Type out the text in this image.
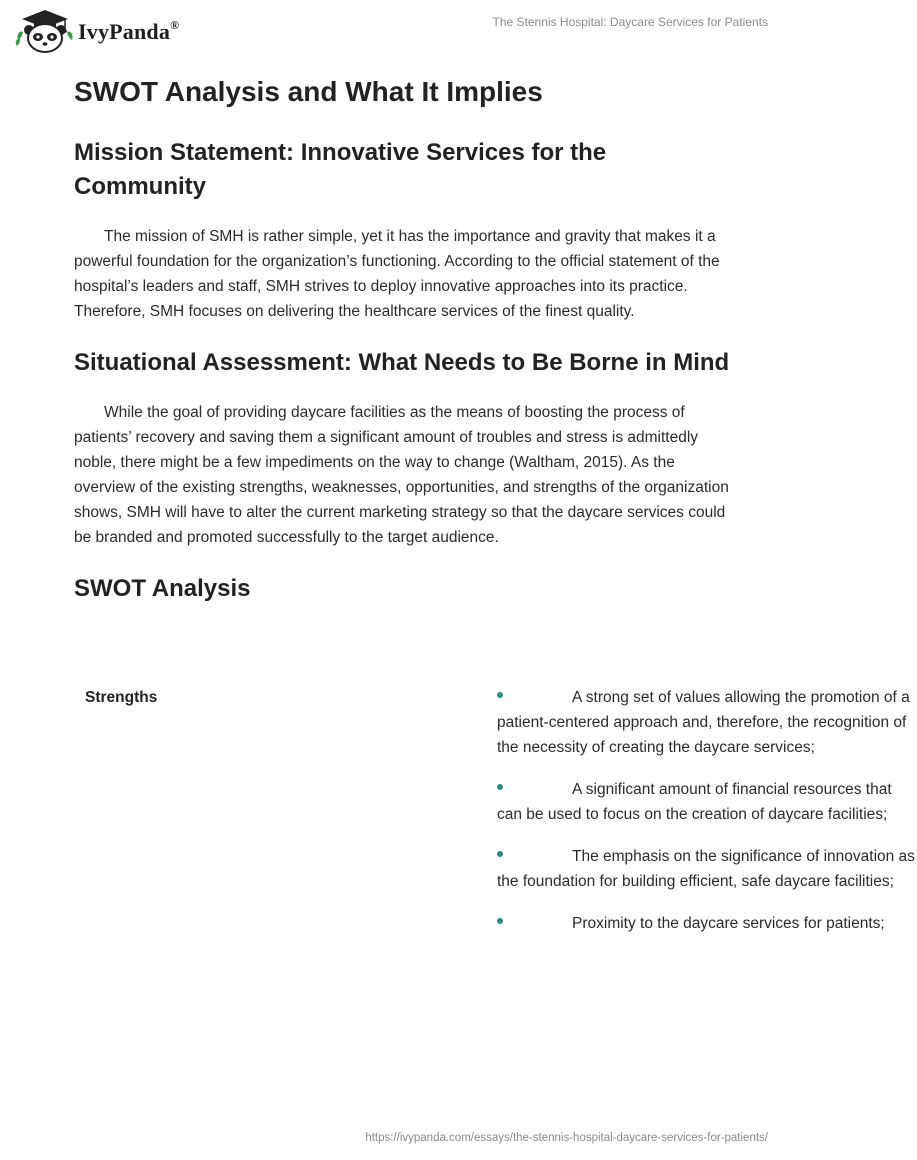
IvyPanda®	The Stennis Hospital: Daycare Services for Patients
SWOT Analysis and What It Implies
Mission Statement: Innovative Services for the Community

The mission of SMH is rather simple, yet it has the importance and gravity that makes it a powerful foundation for the organization’s functioning. According to the official statement of the hospital’s leaders and staff, SMH strives to deploy innovative approaches into its practice. Therefore, SMH focuses on delivering the healthcare services of the finest quality.

Situational Assessment: What Needs to Be Borne in Mind

While the goal of providing daycare facilities as the means of boosting the process of patients’ recovery and saving them a significant amount of troubles and stress is admittedly noble, there might be a few impediments on the way to change (Waltham, 2015). As the overview of the existing strengths, weaknesses, opportunities, and strengths of the organization shows, SMH will have to alter the current marketing strategy so that the daycare services could be branded and promoted successfully to the target audience.

SWOT Analysis
Strengths	A strong set of values allowing the promotion of a patient-centered approach and, therefore, the recognition of the necessity of creating the daycare services;
A significant amount of financial resources that can be used to focus on the creation of daycare facilities;
The emphasis on the significance of innovation as the foundation for building efficient, safe daycare facilities;
Proximity to the daycare services for patients;
https://ivypanda.com/essays/the-stennis-hospital-daycare-services-for-patients/
